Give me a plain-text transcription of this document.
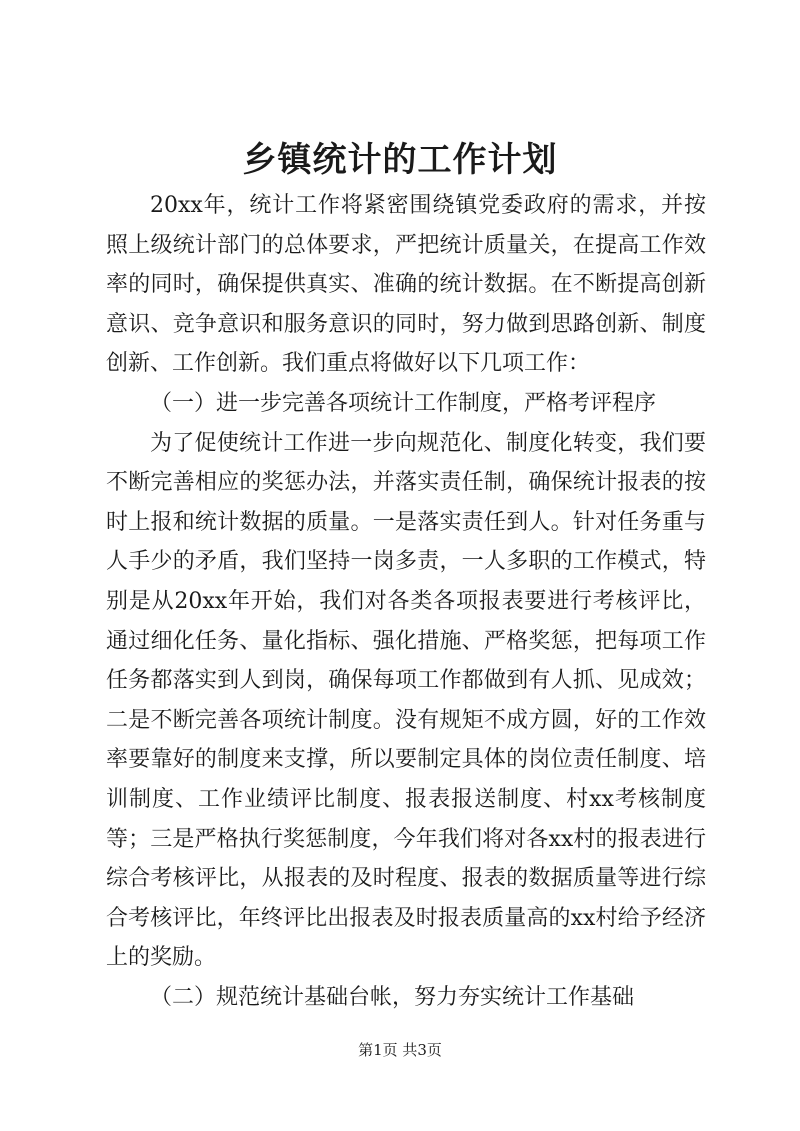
乡镇统计的工作计划

20xx年，统计工作将紧密围绕镇党委政府的需求，并按照上级统计部门的总体要求，严把统计质量关，在提高工作效率的同时，确保提供真实、准确的统计数据。在不断提高创新意识、竞争意识和服务意识的同时，努力做到思路创新、制度创新、工作创新。我们重点将做好以下几项工作：

（一）进一步完善各项统计工作制度，严格考评程序

为了促使统计工作进一步向规范化、制度化转变，我们要不断完善相应的奖惩办法，并落实责任制，确保统计报表的按时上报和统计数据的质量。一是落实责任到人。针对任务重与人手少的矛盾，我们坚持一岗多责，一人多职的工作模式，特别是从20xx年开始，我们对各类各项报表要进行考核评比，通过细化任务、量化指标、强化措施、严格奖惩，把每项工作任务都落实到人到岗，确保每项工作都做到有人抓、见成效；二是不断完善各项统计制度。没有规矩不成方圆，好的工作效率要靠好的制度来支撑，所以要制定具体的岗位责任制度、培训制度、工作业绩评比制度、报表报送制度、村xx考核制度等；三是严格执行奖惩制度，今年我们将对各xx村的报表进行综合考核评比，从报表的及时程度、报表的数据质量等进行综合考核评比，年终评比出报表及时报表质量高的xx村给予经济上的奖励。

（二）规范统计基础台帐，努力夯实统计工作基础

第1页 共3页
